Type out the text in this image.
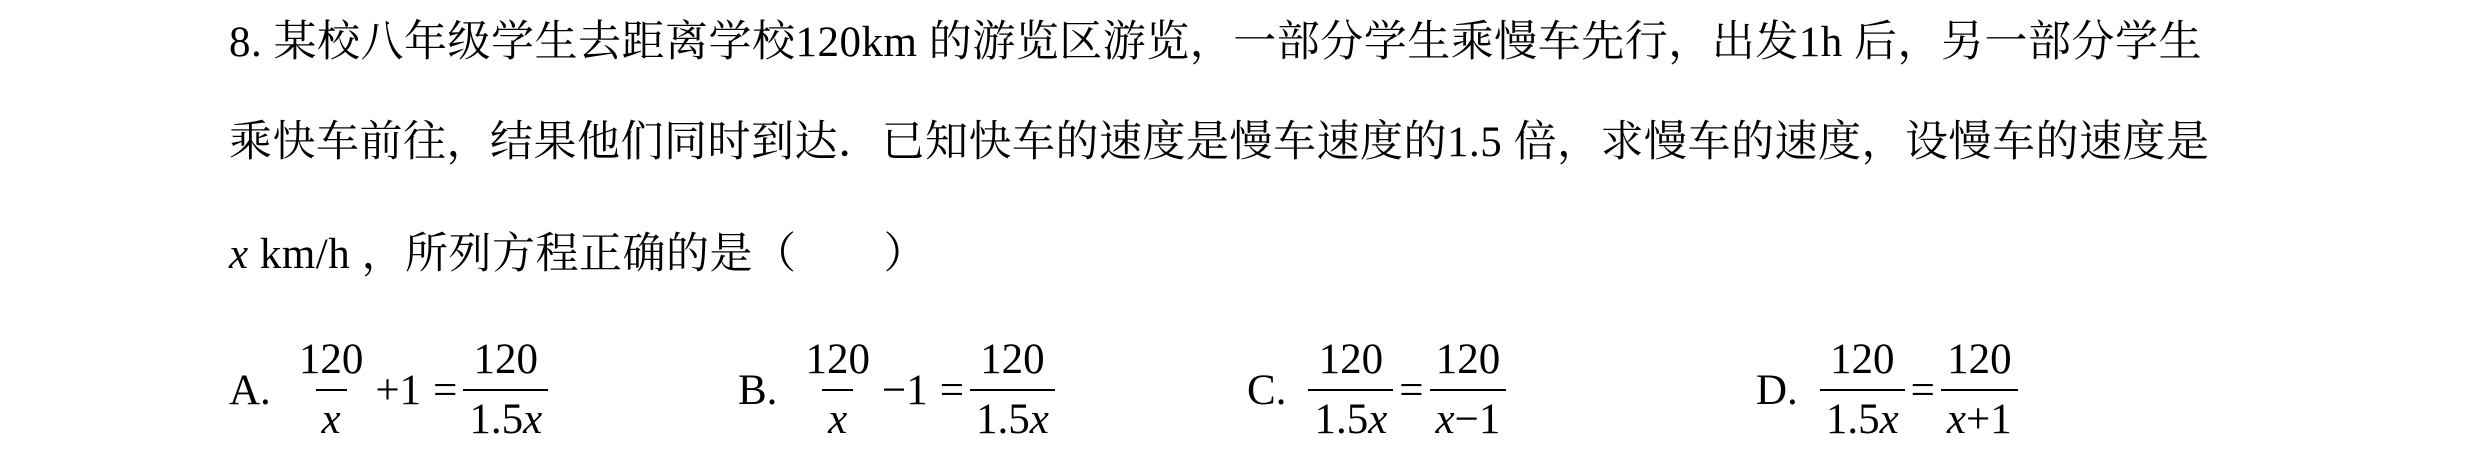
8. 某校八年级学生去距离学校120km 的游览区游览，一部分学生乘慢车先行，出发1h 后，另一部分学生
乘快车前往，结果他们同时到达．已知快车的速度是慢车速度的1.5 倍，求慢车的速度，设慢车的速度是
x km/h ，所列方程正确的是（　　）
A. $\frac{120}{x} +1 = \frac{120}{1.5x}$	B. $\frac{120}{x} -1 = \frac{120}{1.5x}$	C. $\frac{120}{1.5x} = \frac{120}{x-1}$	D. $\frac{120}{1.5x} = \frac{120}{x+1}$
